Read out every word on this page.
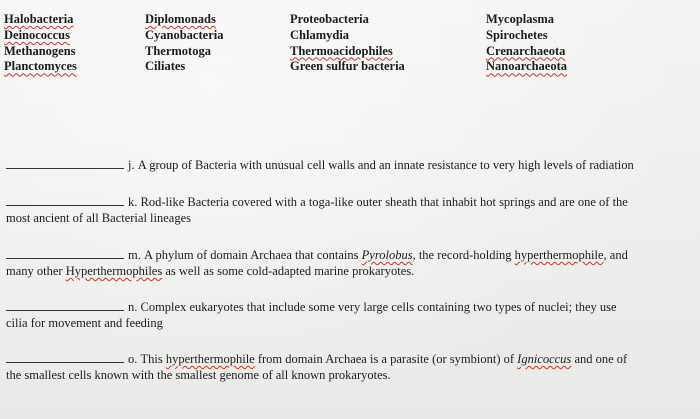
Halobacteria
Deinococcus
Methanogens
Planctomyces
Diplomonads
Cyanobacteria
Thermotoga
Ciliates
Proteobacteria
Chlamydia
Thermoacidophiles
Green sulfur bacteria
Mycoplasma
Spirochetes
Crenarchaeota
Nanoarchaeota
j. A group of Bacteria with unusual cell walls and an innate resistance to very high levels of radiation
k. Rod-like Bacteria covered with a toga-like outer sheath that inhabit hot springs and are one of the
most ancient of all Bacterial lineages
m. A phylum of domain Archaea that contains Pyrolobus, the record-holding hyperthermophile, and
many other Hyperthermophiles as well as some cold-adapted marine prokaryotes.
n. Complex eukaryotes that include some very large cells containing two types of nuclei; they use
cilia for movement and feeding
o. This hyperthermophile from domain Archaea is a parasite (or symbiont) of Ignicoccus and one of
the smallest cells known with the smallest genome of all known prokaryotes.
